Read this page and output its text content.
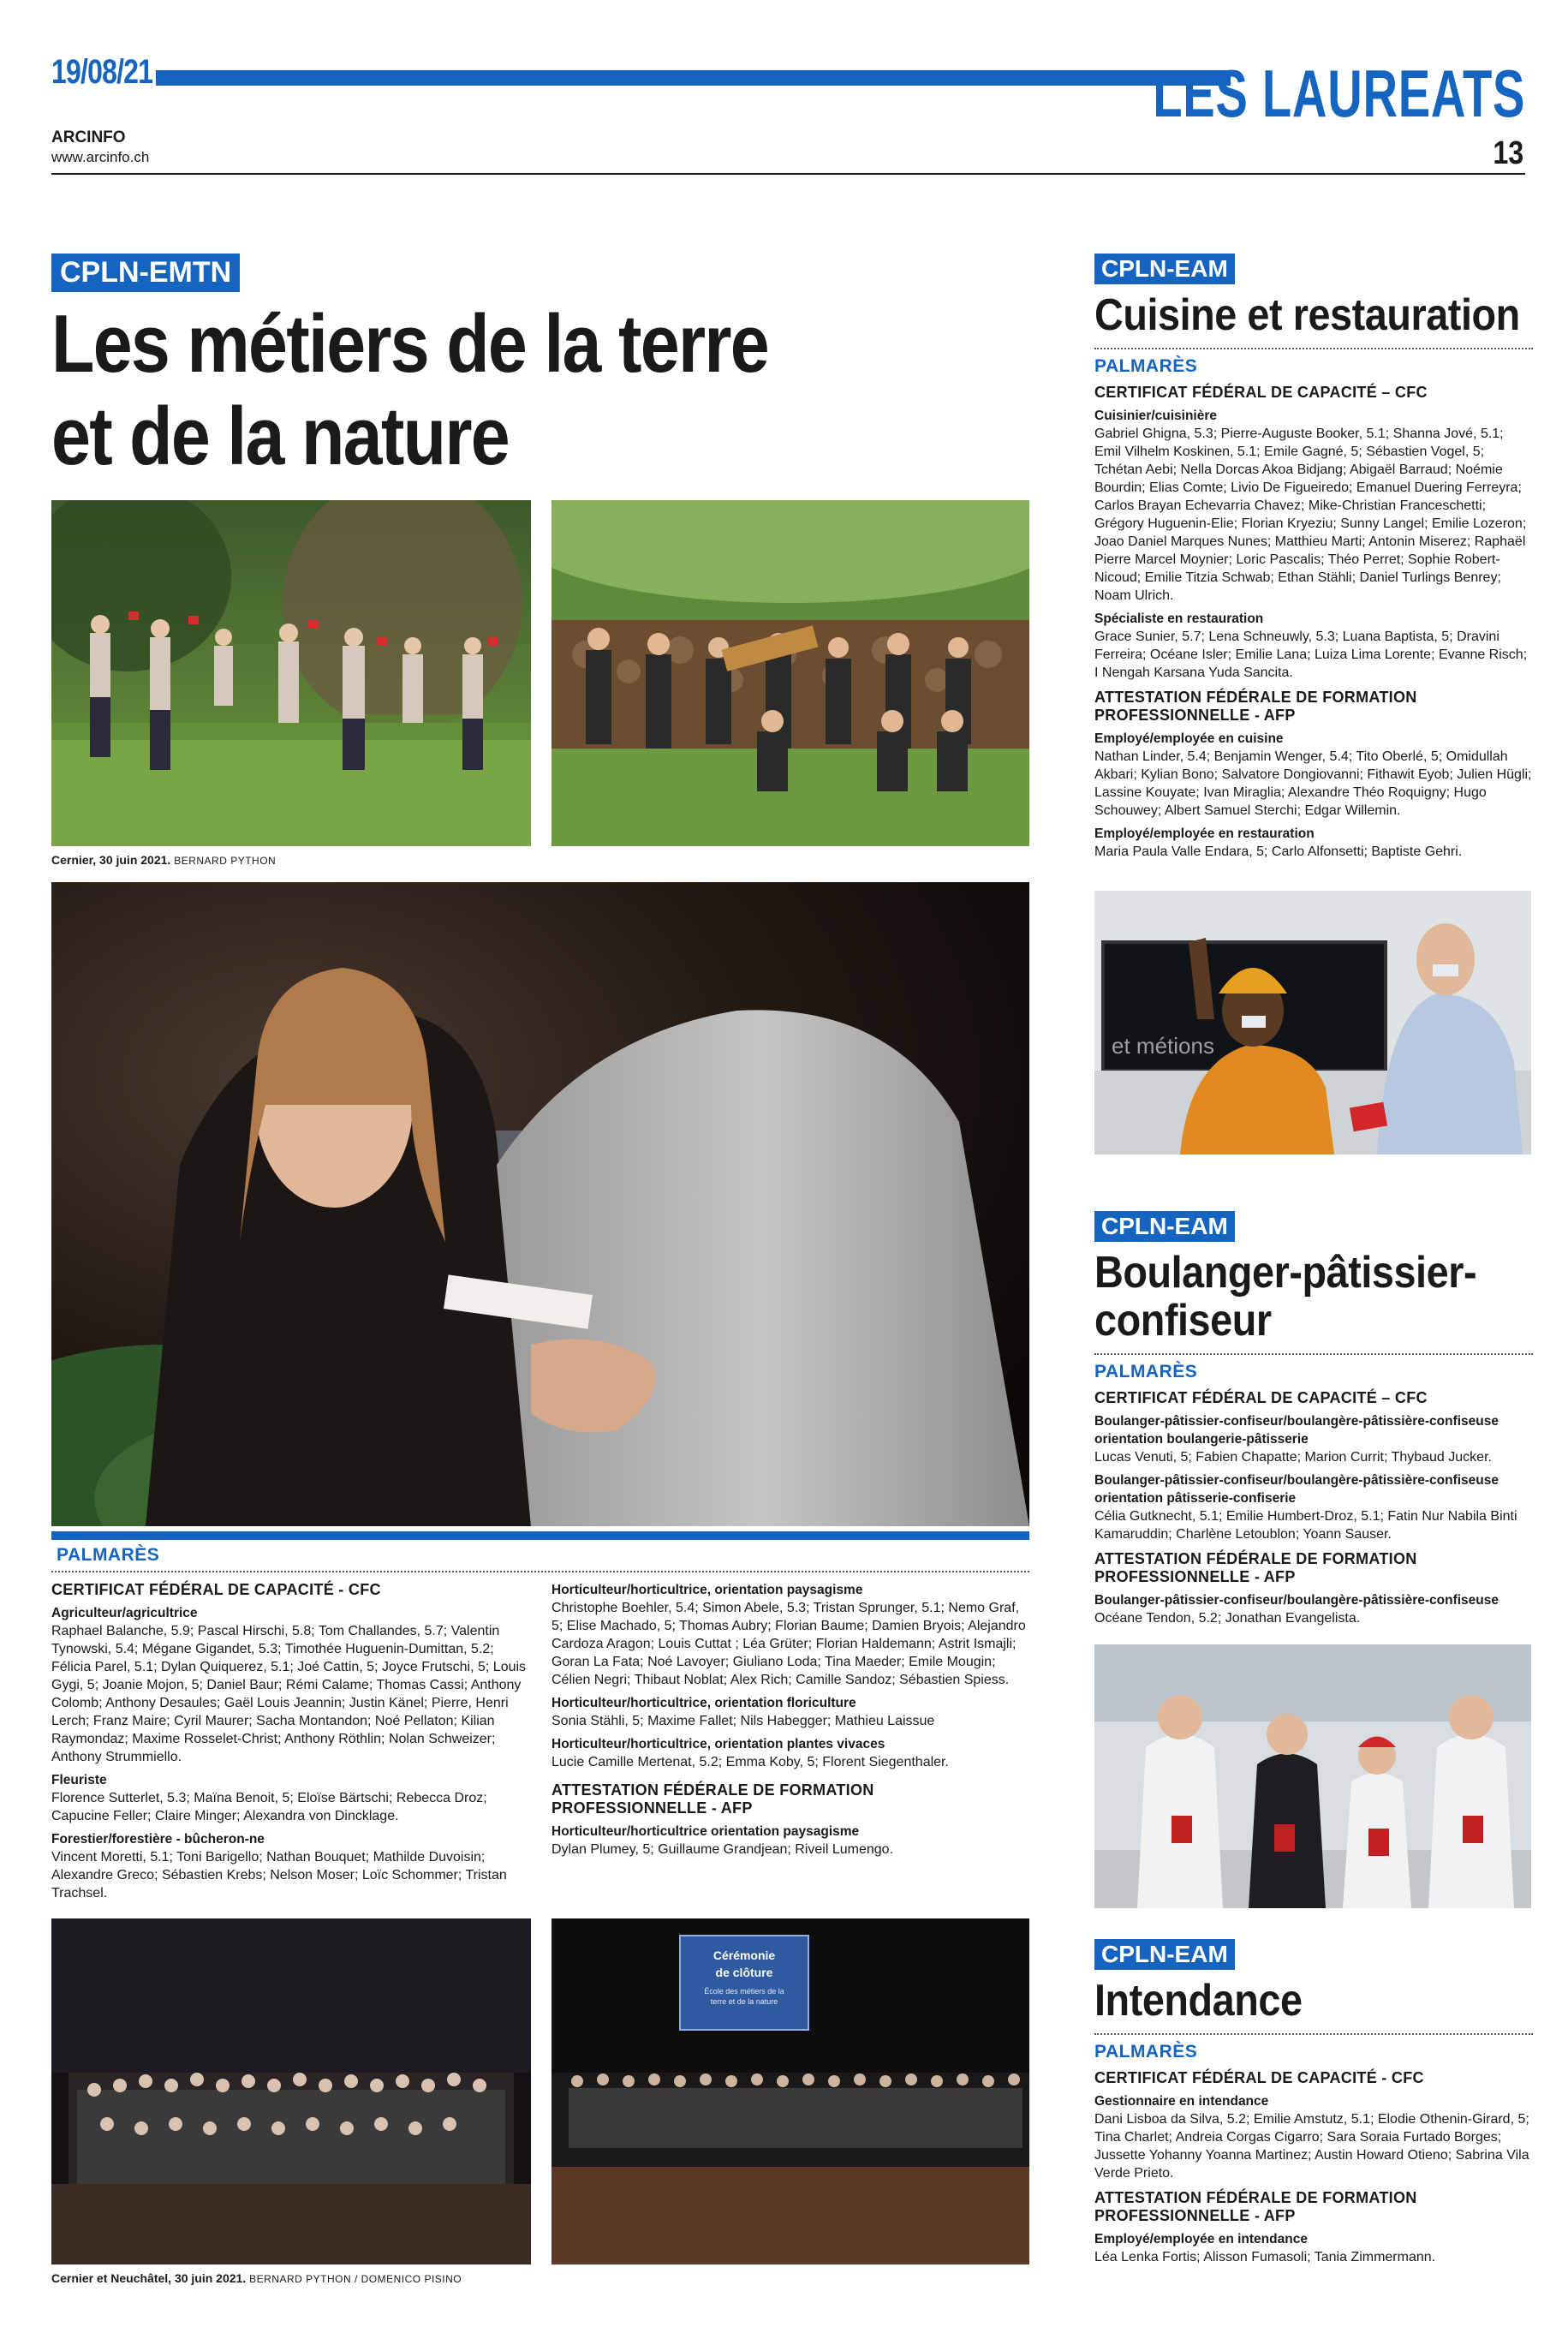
19/08/21	LES LAUREATS
ARCINFO
www.arcinfo.ch	13
CPLN-EMTN
Les métiers de la terre
et de la nature
Cernier, 30 juin 2021. BERNARD PYTHON
PALMARÈS
CERTIFICAT FÉDÉRAL DE CAPACITÉ - CFC
Agriculteur/agricultrice
Raphael Balanche, 5.9; Pascal Hirschi, 5.8; Tom Challandes, 5.7; Valentin Tynowski, 5.4; Mégane Gigandet, 5.3; Timothée Huguenin-Dumittan, 5.2; Félicia Parel, 5.1; Dylan Quiquerez, 5.1; Joé Cattin, 5; Joyce Frutschi, 5; Louis Gygi, 5; Joanie Mojon, 5; Daniel Baur; Rémi Calame; Thomas Cassi; Anthony Colomb; Anthony Desaules; Gaël Louis Jeannin; Justin Känel; Pierre, Henri Lerch; Franz Maire; Cyril Maurer; Sacha Montandon; Noé Pellaton; Kilian Raymondaz; Maxime Rosselet-Christ; Anthony Röthlin; Nolan Schweizer; Anthony Strummiello.
Fleuriste
Florence Sutterlet, 5.3; Maïna Benoit, 5; Eloïse Bärtschi; Rebecca Droz; Capucine Feller; Claire Minger; Alexandra von Dincklage.
Forestier/forestière - bûcheron-ne
Vincent Moretti, 5.1; Toni Barigello; Nathan Bouquet; Mathilde Duvoisin; Alexandre Greco; Sébastien Krebs; Nelson Moser; Loïc Schommer; Tristan Trachsel.
Horticulteur/horticultrice, orientation paysagisme
Christophe Boehler, 5.4; Simon Abele, 5.3; Tristan Sprunger, 5.1; Nemo Graf, 5; Elise Machado, 5; Thomas Aubry; Florian Baume; Damien Bryois; Alejandro Cardoza Aragon; Louis Cuttat ; Léa Grüter; Florian Haldemann; Astrit Ismajli; Goran La Fata; Noé Lavoyer; Giuliano Loda; Tina Maeder; Emile Mougin; Célien Negri; Thibaut Noblat; Alex Rich; Camille Sandoz; Sébastien Spiess.
Horticulteur/horticultrice, orientation floriculture
Sonia Stähli, 5; Maxime Fallet; Nils Habegger; Mathieu Laissue
Horticulteur/horticultrice, orientation plantes vivaces
Lucie Camille Mertenat, 5.2; Emma Koby, 5; Florent Siegenthaler.
ATTESTATION FÉDÉRALE DE FORMATION PROFESSIONNELLE - AFP
Horticulteur/horticultrice orientation paysagisme
Dylan Plumey, 5; Guillaume Grandjean; Riveil Lumengo.
Cérémonie
de clôture
École des métiers de la
terre et de la nature
Cernier et Neuchâtel, 30 juin 2021. BERNARD PYTHON / DOMENICO PISINO
CPLN-EAM
Cuisine et restauration
PALMARÈS
CERTIFICAT FÉDÉRAL DE CAPACITÉ – CFC
Cuisinier/cuisinière
Gabriel Ghigna, 5.3; Pierre-Auguste Booker, 5.1; Shanna Jové, 5.1; Emil Vilhelm Koskinen, 5.1; Emile Gagné, 5; Sébastien Vogel, 5; Tchétan Aebi; Nella Dorcas Akoa Bidjang; Abigaël Barraud; Noémie Bourdin; Elias Comte; Livio De Figueiredo; Emanuel Duering Ferreyra; Carlos Brayan Echevarria Chavez; Mike-Christian Franceschetti; Grégory Huguenin-Elie; Florian Kryeziu; Sunny Langel; Emilie Lozeron; Joao Daniel Marques Nunes; Matthieu Marti; Antonin Miserez; Raphaël Pierre Marcel Moynier; Loric Pascalis; Théo Perret; Sophie Robert-Nicoud; Emilie Titzia Schwab; Ethan Stähli; Daniel Turlings Benrey; Noam Ulrich.
Spécialiste en restauration
Grace Sunier, 5.7; Lena Schneuwly, 5.3; Luana Baptista, 5; Dravini Ferreira; Océane Isler; Emilie Lana; Luiza Lima Lorente; Evanne Risch; I Nengah Karsana Yuda Sancita.
ATTESTATION FÉDÉRALE DE FORMATION PROFESSIONNELLE - AFP
Employé/employée en cuisine
Nathan Linder, 5.4; Benjamin Wenger, 5.4; Tito Oberlé, 5; Omidullah Akbari; Kylian Bono; Salvatore Dongiovanni; Fithawit Eyob; Julien Hügli; Lassine Kouyate; Ivan Miraglia; Alexandre Théo Roquigny; Hugo Schouwey; Albert Samuel Sterchi; Edgar Willemin.
Employé/employée en restauration
Maria Paula Valle Endara, 5; Carlo Alfonsetti; Baptiste Gehri.
et métions
CPLN-EAM
Boulanger-pâtissier-
confiseur
PALMARÈS
CERTIFICAT FÉDÉRAL DE CAPACITÉ – CFC
Boulanger-pâtissier-confiseur/boulangère-pâtissière-confiseuse orientation boulangerie-pâtisserie
Lucas Venuti, 5; Fabien Chapatte; Marion Currit; Thybaud Jucker.
Boulanger-pâtissier-confiseur/boulangère-pâtissière-confiseuse orientation pâtisserie-confiserie
Célia Gutknecht, 5.1; Emilie Humbert-Droz, 5.1; Fatin Nur Nabila Binti Kamaruddin; Charlène Letoublon; Yoann Sauser.
ATTESTATION FÉDÉRALE DE FORMATION PROFESSIONNELLE - AFP
Boulanger-pâtissier-confiseur/boulangère-pâtissière-confiseuse
Océane Tendon, 5.2; Jonathan Evangelista.
CPLN-EAM
Intendance
PALMARÈS
CERTIFICAT FÉDÉRAL DE CAPACITÉ - CFC
Gestionnaire en intendance
Dani Lisboa da Silva, 5.2; Emilie Amstutz, 5.1; Elodie Othenin-Girard, 5; Tina Charlet; Andreia Corgas Cigarro; Sara Soraia Furtado Borges; Jussette Yohanny Yoanna Martinez; Austin Howard Otieno; Sabrina Vila Verde Prieto.
ATTESTATION FÉDÉRALE DE FORMATION PROFESSIONNELLE - AFP
Employé/employée en intendance
Léa Lenka Fortis; Alisson Fumasoli; Tania Zimmermann.
